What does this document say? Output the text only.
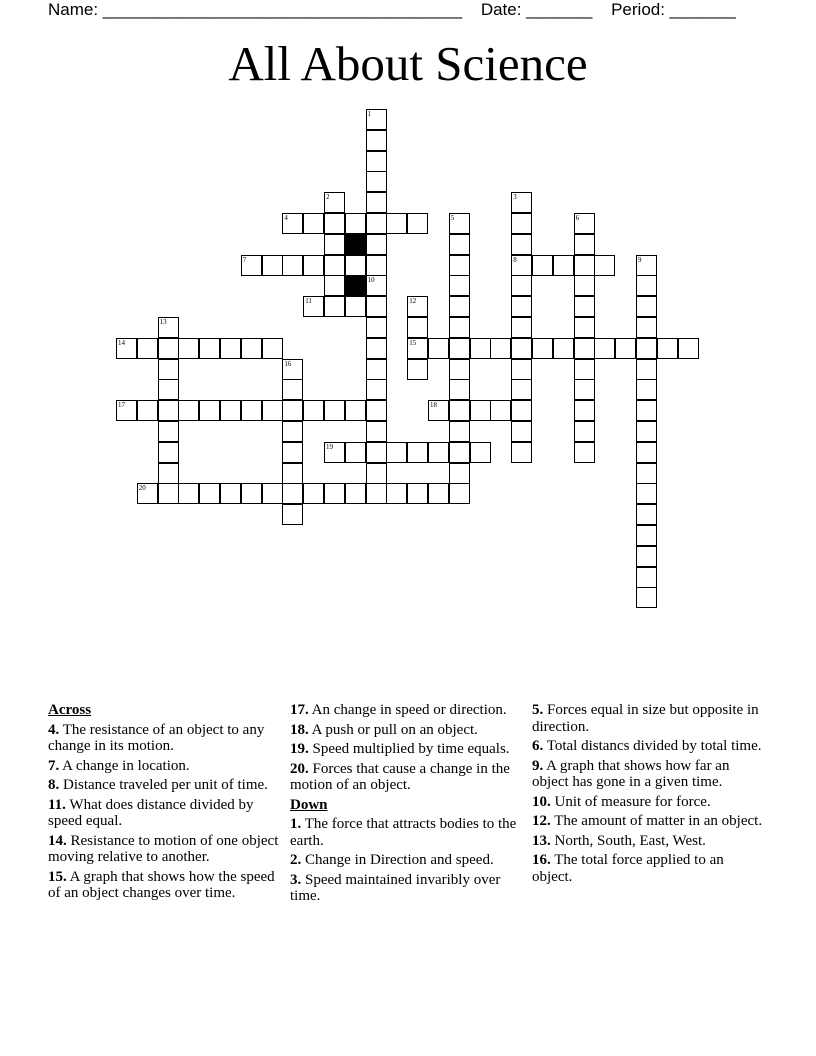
Name: ______________________________________ Date: _______ Period: _______
All About Science
1
10
2	3
8
4	5	6
7	9
11	12
15
13
14
16
17	18
19
20
Across
4. The resistance of an object to any change in its motion.
7. A change in location.
8. Distance traveled per unit of time.
11. What does distance divided by speed equal.
14. Resistance to motion of one object moving relative to another.
15. A graph that shows how the speed of an object changes over time.
17. An change in speed or direction.
18. A push or pull on an object.
19. Speed multiplied by time equals.
20. Forces that cause a change in the motion of an object.
Down
1. The force that attracts bodies to the earth.
2. Change in Direction and speed.
3. Speed maintained invaribly over time.
5. Forces equal in size but opposite in direction.
6. Total distancs divided by total time.
9. A graph that shows how far an object has gone in a given time.
10. Unit of measure for force.
12. The amount of matter in an object.
13. North, South, East, West.
16. The total force applied to an object.
